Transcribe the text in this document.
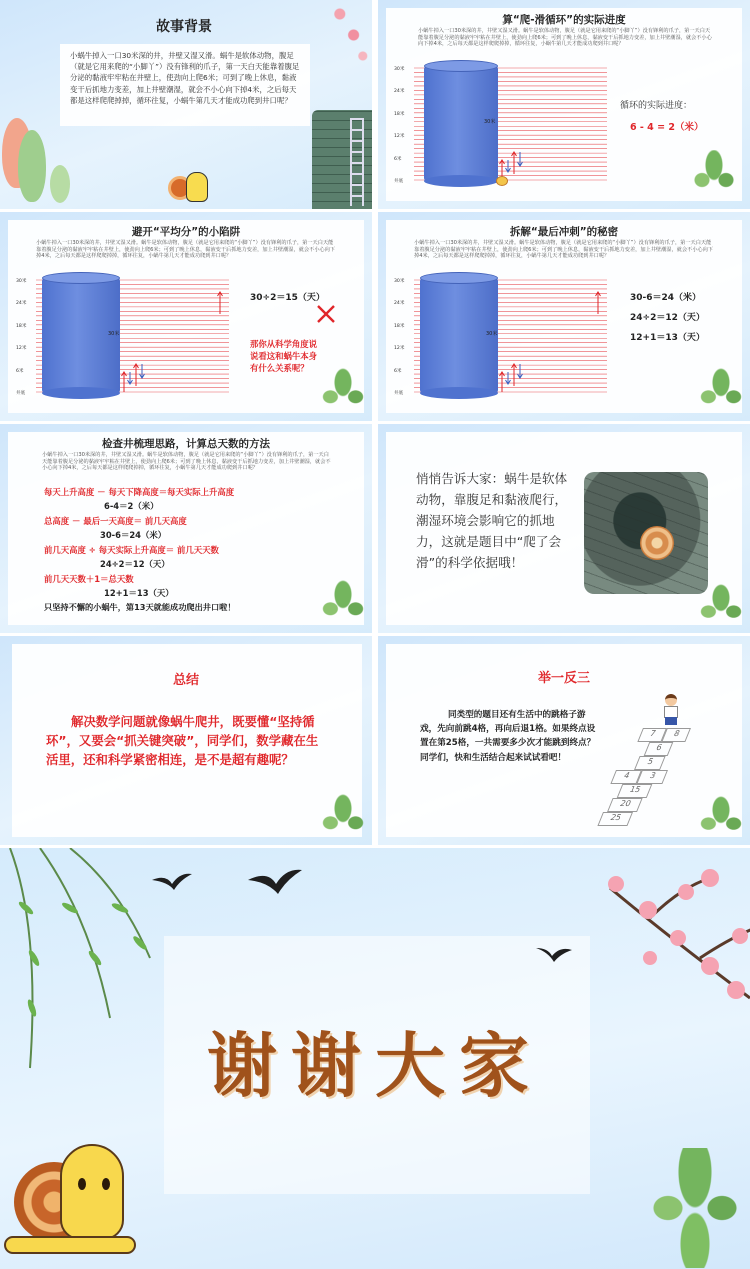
故事背景
小蜗牛掉入一口30米深的井，井壁又湿又滑。蜗牛是软体动物，腹足（就是它用来爬的“小脚丫”）没有锋利的爪子，第一天白天能靠着腹足分泌的黏液牢牢粘在井壁上，使劲向上爬6米；可到了晚上休息，黏液变干后抓地力变差，加上井壁潮湿，就会不小心向下掉4米，之后每天都是这样爬爬掉掉，循环往复，小蜗牛第几天才能成功爬到井口呢？
算“爬-滑循环”的实际进度
小蜗牛掉入一口30米深的井，井壁又湿又滑。蜗牛是软体动物，腹足（就是它用来爬的“小脚丫”）没有锋利的爪子，第一天白天能靠着腹足分泌的黏液牢牢粘在井壁上，使劲向上爬6米；可到了晚上休息，黏液变干后抓地力变差，加上井壁潮湿，就会不小心向下掉4米，之后每天都是这样爬爬掉掉，循环往复，小蜗牛第几天才能成功爬到井口呢？
30米
30米
24米
18米
12米
6米
井底
循环的实际进度：
6 - 4 = 2（米）
避开“平均分”的小陷阱
小蜗牛掉入一口30米深的井，井壁又湿又滑。蜗牛是软体动物，腹足（就是它用来爬的“小脚丫”）没有锋利的爪子，第一天白天能靠着腹足分泌的黏液牢牢粘在井壁上，使劲向上爬6米；可到了晚上休息，黏液变干后抓地力变差，加上井壁潮湿，就会不小心向下掉4米，之后每天都是这样爬爬掉掉，循环往复，小蜗牛第几天才能成功爬到井口呢？
30米
30米
24米
18米
12米
6米
井底
30÷2＝15（天）
那你从科学角度说说看这和蜗牛本身有什么关系呢？
拆解“最后冲刺”的秘密
小蜗牛掉入一口30米深的井，井壁又湿又滑。蜗牛是软体动物，腹足（就是它用来爬的“小脚丫”）没有锋利的爪子，第一天白天能靠着腹足分泌的黏液牢牢粘在井壁上，使劲向上爬6米；可到了晚上休息，黏液变干后抓地力变差，加上井壁潮湿，就会不小心向下掉4米，之后每天都是这样爬爬掉掉，循环往复，小蜗牛第几天才能成功爬到井口呢？
30米
30米
24米
18米
12米
6米
井底
30-6＝24（米）
24÷2＝12（天）
12+1＝13（天）
检查井梳理思路，计算总天数的方法
小蜗牛掉入一口30米深的井，井壁又湿又滑。蜗牛是软体动物，腹足（就是它用来爬的“小脚丫”）没有锋利的爪子，第一天白天能靠着腹足分泌的黏液牢牢粘在井壁上，使劲向上爬6米；可到了晚上休息，黏液变干后抓地力变差，加上井壁潮湿，就会不小心向下掉4米，之后每天都是这样爬爬掉掉，循环往复，小蜗牛第几天才能成功爬到井口呢？
每天上升高度 － 每天下降高度＝每天实际上升高度
6-4＝2（米）
总高度 － 最后一天高度＝ 前几天高度
30-6＝24（米）
前几天高度 ÷ 每天实际上升高度＝ 前几天天数
24÷2＝12（天）
前几天天数＋1＝总天数
12+1＝13（天）
只坚持不懈的小蜗牛，第13天就能成功爬出井口啦！
悄悄告诉大家：蜗牛是软体动物，靠腹足和黏液爬行，潮湿环境会影响它的抓地力，这就是题目中“爬了会滑”的科学依据哦！
总结
解决数学问题就像蜗牛爬井，既要懂“坚持循环”，又要会“抓关键突破”，同学们，数学藏在生活里，还和科学紧密相连，是不是超有趣呢？
举一反三
同类型的题目还有生活中的跳格子游戏，先向前跳4格，再向后退1格。如果终点设置在第25格，一共需要多少次才能跳到终点？同学们，快和生活结合起来试试看吧！
7	8
6
5
4	3
15
20
25
谢谢大家
